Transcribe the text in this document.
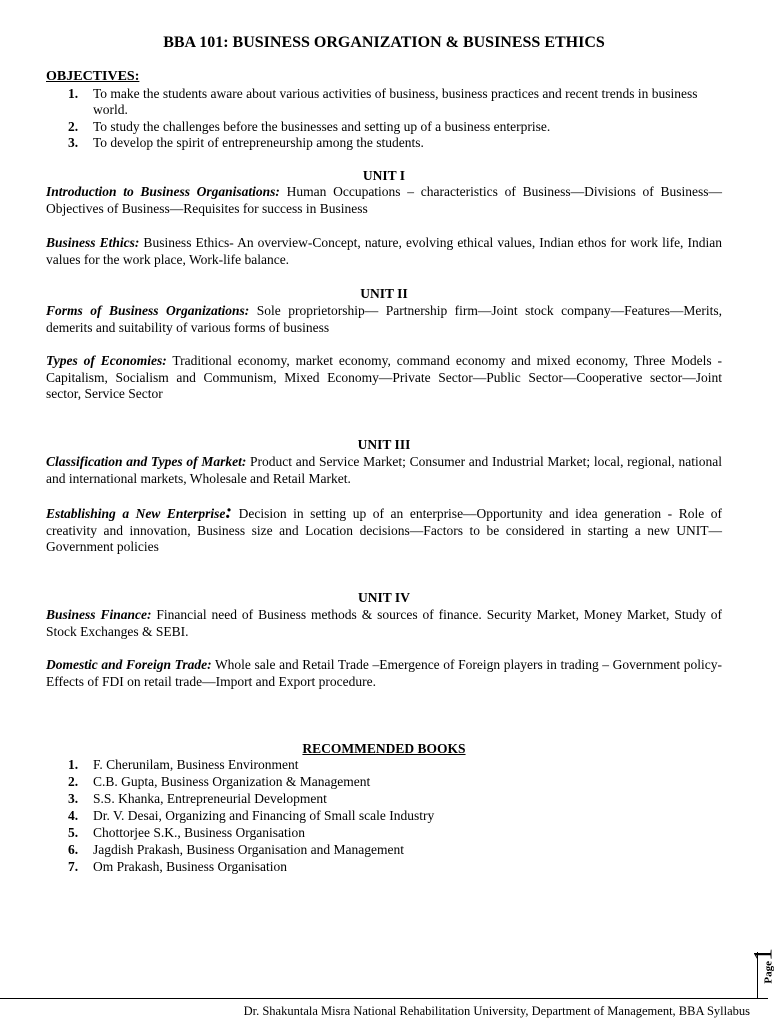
BBA 101: BUSINESS ORGANIZATION & BUSINESS ETHICS
OBJECTIVES:
1. To make the students aware about various activities of business, business practices and recent trends in business world.
2. To study the challenges before the businesses and setting up of a business enterprise.
3. To develop the spirit of entrepreneurship among the students.
UNIT I

Introduction to Business Organisations: Human Occupations – characteristics of Business—Divisions of Business—Objectives of Business—Requisites for success in Business

Business Ethics: Business Ethics- An overview-Concept, nature, evolving ethical values, Indian ethos for work life, Indian values for the work place, Work-life balance.

UNIT II

Forms of Business Organizations: Sole proprietorship— Partnership firm—Joint stock company—Features—Merits, demerits and suitability of various forms of business

Types of Economies: Traditional economy, market economy, command economy and mixed economy, Three Models - Capitalism, Socialism and Communism, Mixed Economy—Private Sector—Public Sector—Cooperative sector—Joint sector, Service Sector

UNIT III

Classification and Types of Market: Product and Service Market; Consumer and Industrial Market; local, regional, national and international markets, Wholesale and Retail Market.

Establishing a New Enterprise: Decision in setting up of an enterprise—Opportunity and idea generation - Role of creativity and innovation, Business size and Location decisions—Factors to be considered in starting a new UNIT—Government policies

UNIT IV

Business Finance: Financial need of Business methods & sources of finance. Security Market, Money Market, Study of Stock Exchanges & SEBI.

Domestic and Foreign Trade: Whole sale and Retail Trade –Emergence of Foreign players in trading – Government policy-Effects of FDI on retail trade—Import and Export procedure.

RECOMMENDED BOOKS
1. F. Cherunilam, Business Environment
2. C.B. Gupta, Business Organization & Management
3. S.S. Khanka, Entrepreneurial Development
4. Dr. V. Desai, Organizing and Financing of Small scale Industry
5. Chottorjee S.K., Business Organisation
6. Jagdish Prakash, Business Organisation and Management
7. Om Prakash, Business Organisation
Page1
Dr. Shakuntala Misra National Rehabilitation University, Department of Management, BBA Syllabus
